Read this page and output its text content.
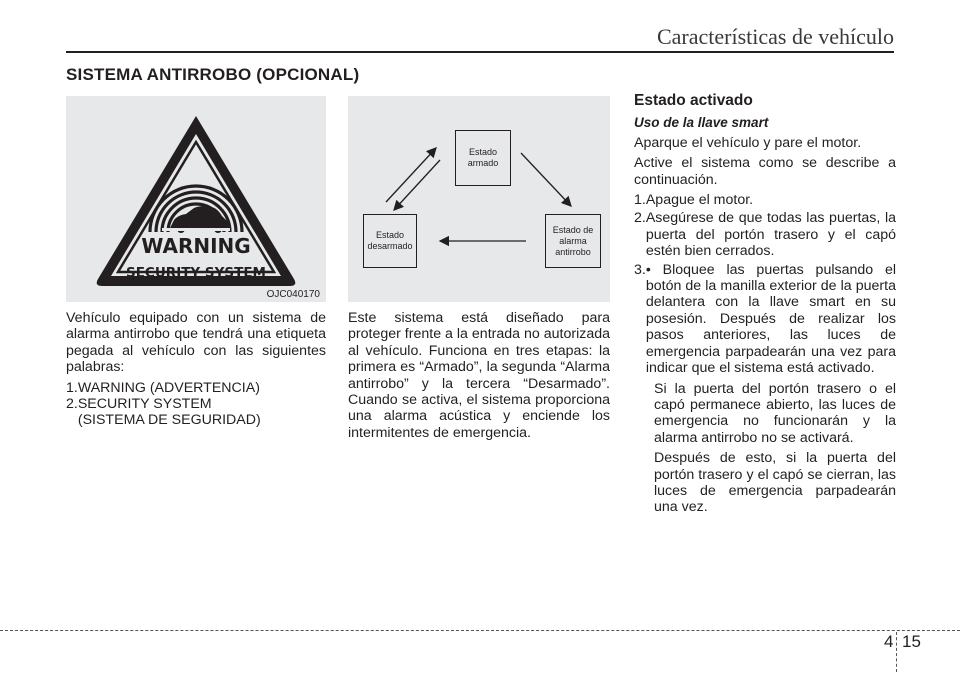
Características de vehículo
SISTEMA ANTIRROBO (OPCIONAL)
WARNING
SECURITY SYSTEM
OJC040170
Estado
armado
Estado
desarmado
Estado de
alarma
antirrobo

Vehículo equipado con un sistema de alarma antirrobo que tendrá una etiqueta pegada al vehículo con las siguientes palabras:

1. WARNING (ADVERTENCIA)
2. SECURITY SYSTEM
(SISTEMA DE SEGURIDAD)

Este sistema está diseñado para proteger frente a la entrada no autorizada al vehículo. Funciona en tres etapas: la primera es “Armado”, la segunda “Alarma antirrobo” y la tercera “Desarmado”. Cuando se activa, el sistema proporciona una alarma acústica y enciende los intermitentes de emergencia.

Estado activado
Uso de la llave smart

Aparque el vehículo y pare el motor.

Active el sistema como se describe a continuación.

1. Apague el motor.
2. Asegúrese de que todas las puertas, la puerta del portón trasero y el capó estén bien cerrados.
3. • Bloquee las puertas pulsando el botón de la manilla exterior de la puerta delantera con la llave smart en su posesión. Después de realizar los pasos anteriores, las luces de emergencia parpadearán una vez para indicar que el sistema está activado.

Si la puerta del portón trasero o el capó permanece abierto, las luces de emergencia no funcionarán y la alarma antirrobo no se activará.

Después de esto, si la puerta del portón trasero y el capó se cierran, las luces de emergencia parpadearán una vez.

4 15
